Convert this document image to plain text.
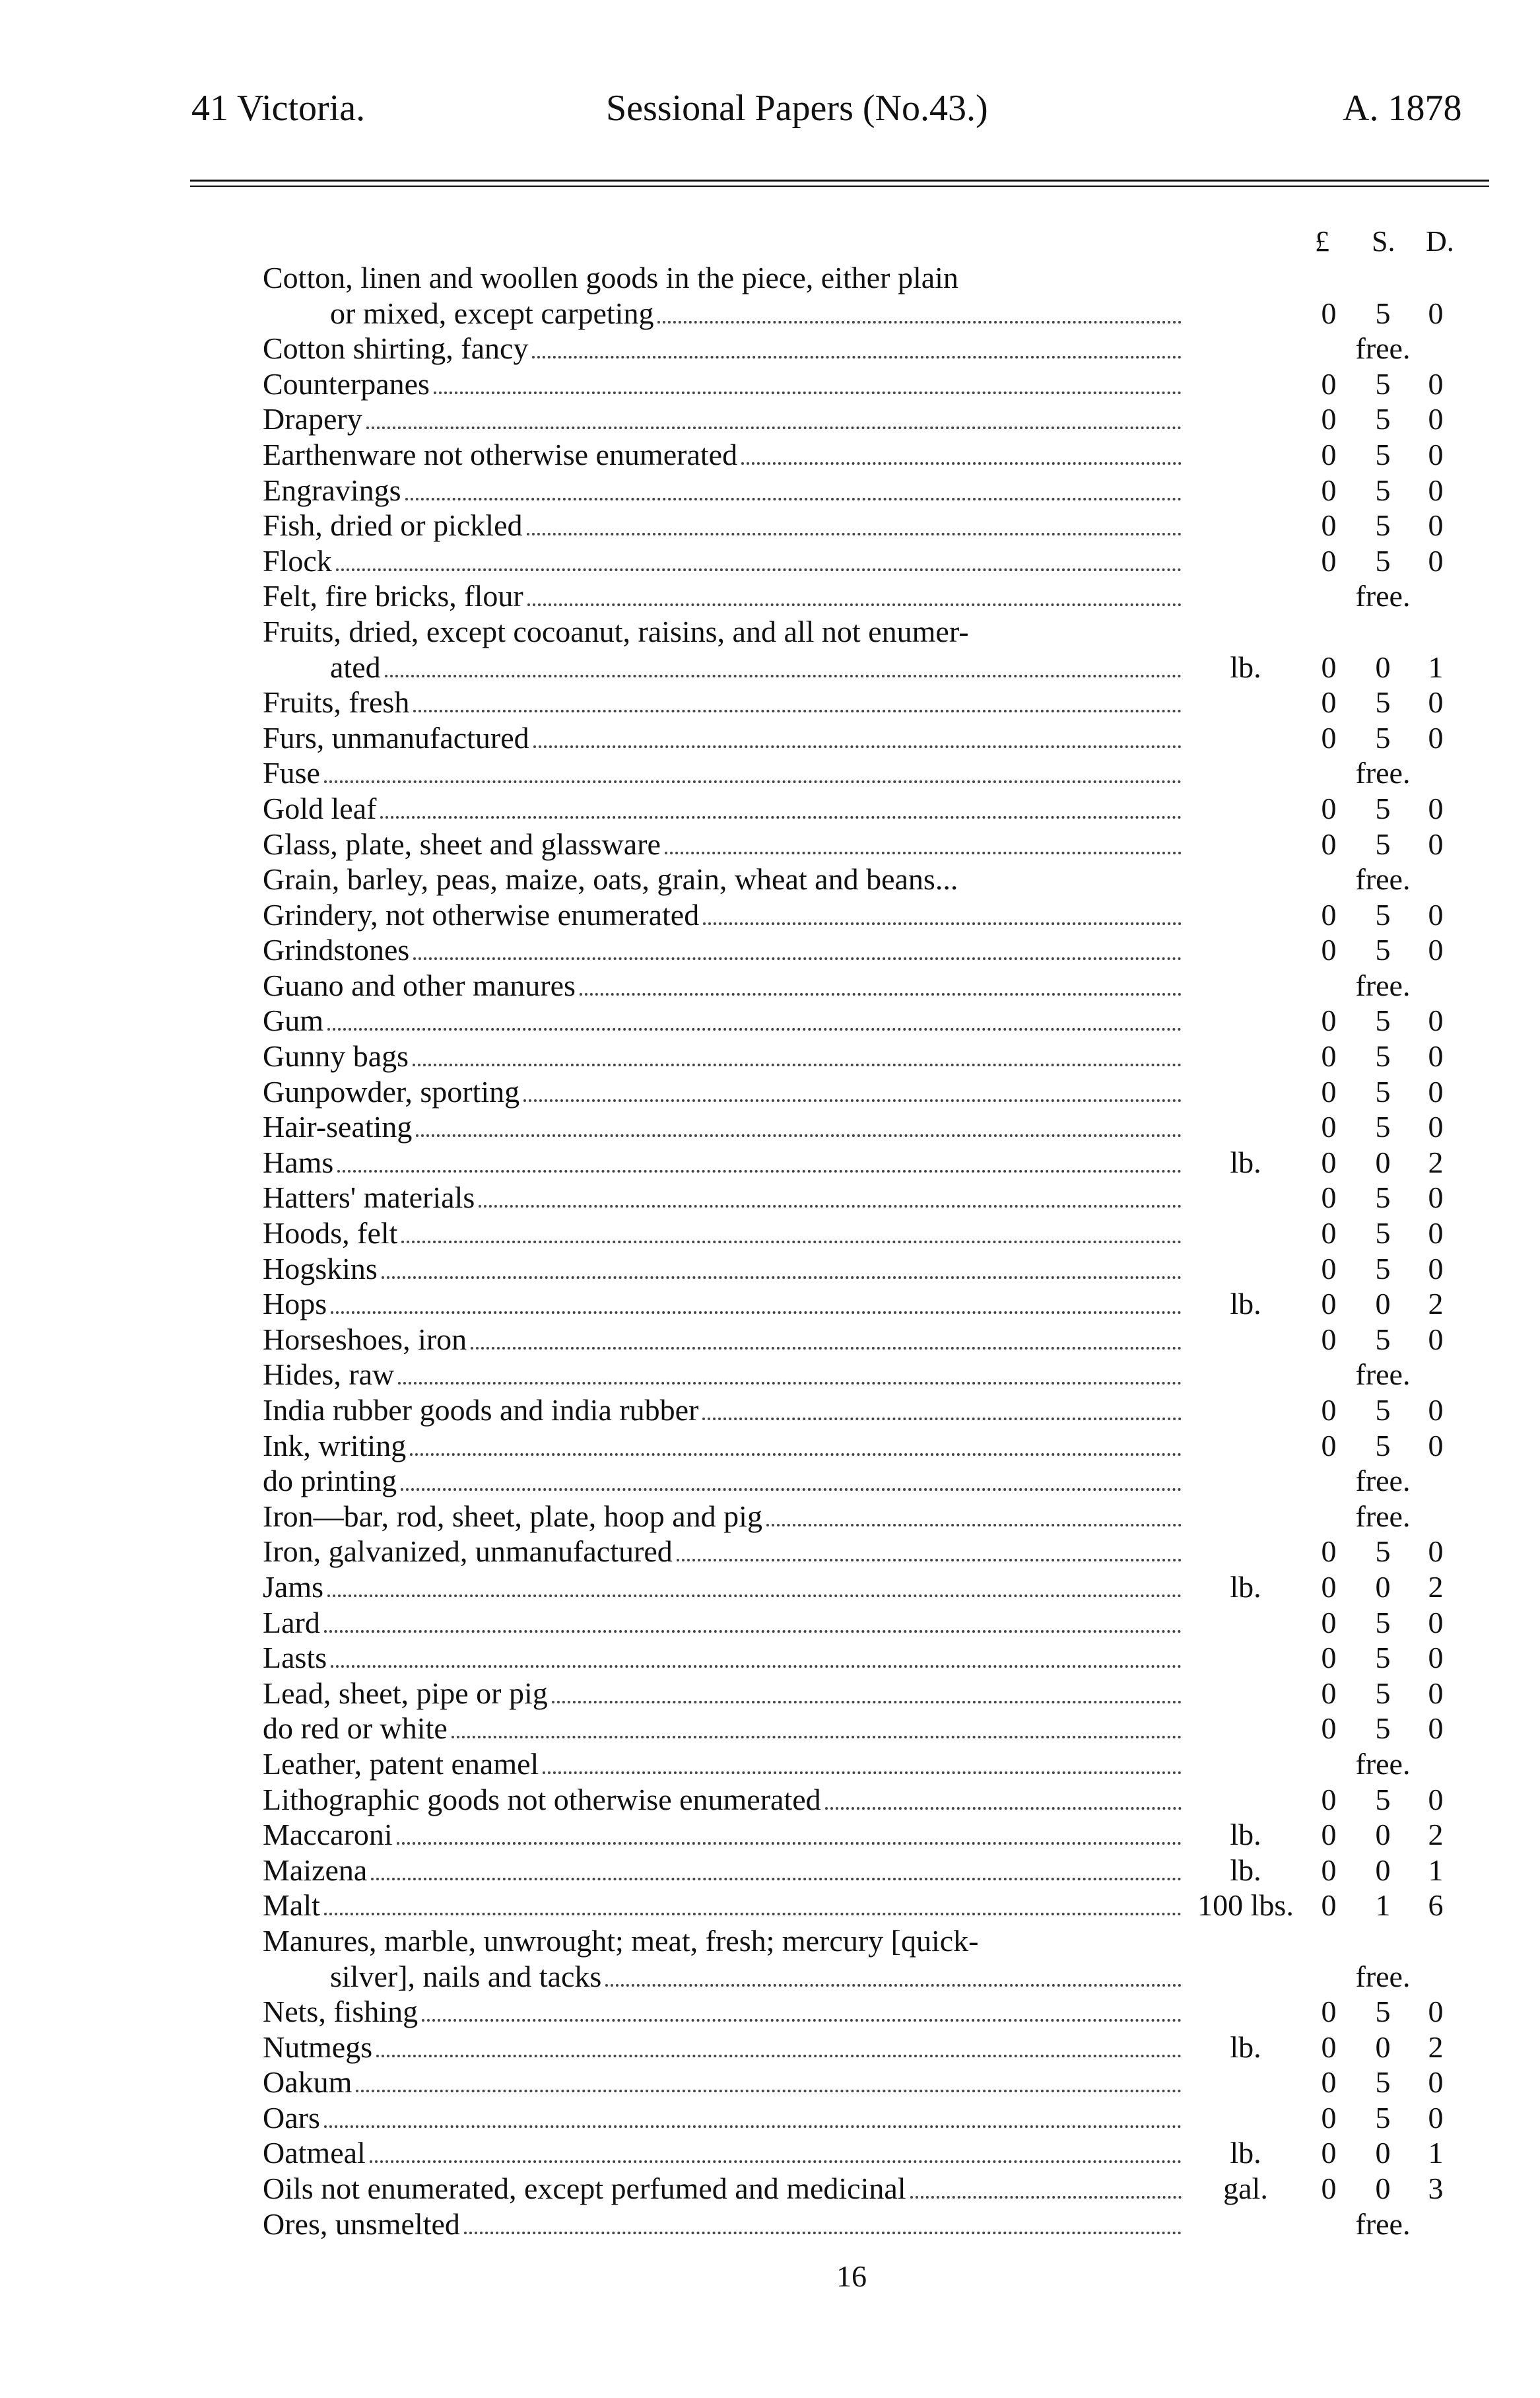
41 Victoria.	Sessional Papers (No.43.)	A. 1878
£ S. D.
Cotton, linen and woollen goods in the piece, either plain
or mixed, except carpeting	0 5 0
Cotton shirting, fancy	free.
Counterpanes	0 5 0
Drapery	0 5 0
Earthenware not otherwise enumerated	0 5 0
Engravings	0 5 0
Fish, dried or pickled	0 5 0
Flock	0 5 0
Felt, fire bricks, flour	free.
Fruits, dried, except cocoanut, raisins, and all not enumer-
ated	lb.	0 0 1
Fruits, fresh	0 5 0
Furs, unmanufactured	0 5 0
Fuse	free.
Gold leaf	0 5 0
Glass, plate, sheet and glassware	0 5 0
Grain, barley, peas, maize, oats, grain, wheat and beans...	free.
Grindery, not otherwise enumerated	0 5 0
Grindstones	0 5 0
Guano and other manures	free.
Gum	0 5 0
Gunny bags	0 5 0
Gunpowder, sporting	0 5 0
Hair-seating	0 5 0
Hams	lb.	0 0 2
Hatters' materials	0 5 0
Hoods, felt	0 5 0
Hogskins	0 5 0
Hops	lb.	0 0 2
Horseshoes, iron	0 5 0
Hides, raw	free.
India rubber goods and india rubber	0 5 0
Ink, writing	0 5 0
do printing	free.
Iron—bar, rod, sheet, plate, hoop and pig	free.
Iron, galvanized, unmanufactured	0 5 0
Jams	lb.	0 0 2
Lard	0 5 0
Lasts	0 5 0
Lead, sheet, pipe or pig	0 5 0
do red or white	0 5 0
Leather, patent enamel	free.
Lithographic goods not otherwise enumerated	0 5 0
Maccaroni	lb.	0 0 2
Maizena	lb.	0 0 1
Malt	100 lbs. 0 1 6
Manures, marble, unwrought; meat, fresh; mercury [quick-
silver], nails and tacks	free.
Nets, fishing	0 5 0
Nutmegs	lb.	0 0 2
Oakum	0 5 0
Oars	0 5 0
Oatmeal	lb.	0 0 1
Oils not enumerated, except perfumed and medicinal	gal.	0 0 3
Ores, unsmelted	free.
16
